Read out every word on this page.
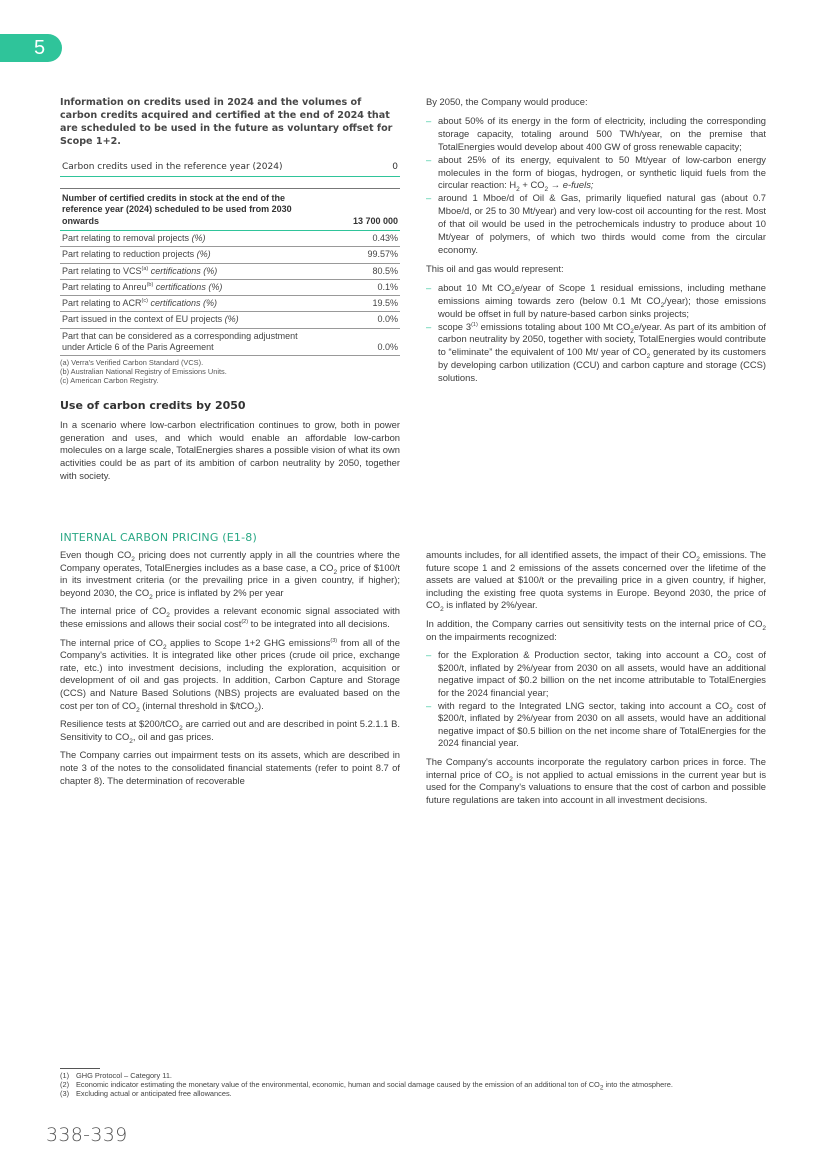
5
Information on credits used in 2024 and the volumes of carbon credits acquired and certified at the end of 2024 that are scheduled to be used in the future as voluntary offset for Scope 1+2.
Carbon credits used in the reference year (2024)	0
Number of certified credits in stock at the end of the reference year (2024) scheduled to be used from 2030 onwards	13 700 000
Part relating to removal projects (%)	0.43%
Part relating to reduction projects (%)	99.57%
Part relating to VCS$^{(a)}$ certifications (%)	80.5%
Part relating to Anreu$^{(b)}$ certifications (%)	0.1%
Part relating to ACR$^{(c)}$ certifications (%)	19.5%
Part issued in the context of EU projects (%)	0.0%
Part that can be considered as a corresponding adjustment under Article 6 of the Paris Agreement	0.0%
(a) Verra's Verified Carbon Standard (VCS).
(b) Australian National Registry of Emissions Units.
(c) American Carbon Registry.
Use of carbon credits by 2050

In a scenario where low-carbon electrification continues to grow, both in power generation and uses, and which would enable an affordable low-carbon molecules on a large scale, TotalEnergies shares a possible vision of what its own activities could be as part of its ambition of carbon neutrality by 2050, together with society.

By 2050, the Company would produce:

– about 50% of its energy in the form of electricity, including the corresponding storage capacity, totaling around 500 TWh/year, on the premise that TotalEnergies would develop about 400 GW of gross renewable capacity;
– about 25% of its energy, equivalent to 50 Mt/year of low-carbon energy molecules in the form of biogas, hydrogen, or synthetic liquid fuels from the circular reaction: $H_2 + CO_2$ → e-fuels;
– around 1 Mboe/d of Oil & Gas, primarily liquefied natural gas (about 0.7 Mboe/d, or 25 to 30 Mt/year) and very low-cost oil accounting for the rest. Most of that oil would be used in the petrochemicals industry to produce about 10 Mt/year of polymers, of which two thirds would come from the circular economy.

This oil and gas would represent:

– about 10 Mt $CO_2e$/year of Scope 1 residual emissions, including methane emissions aiming towards zero (below 0.1 Mt $CO_2/year$); those emissions would be offset in full by nature-based carbon sinks projects;
– scope 3$^{(1)}$ emissions totaling about 100 Mt $CO_2e$/year. As part of its ambition of carbon neutrality by 2050, together with society, TotalEnergies would contribute to “eliminate” the equivalent of 100 Mt/ year of $CO_2$ generated by its customers by developing carbon utilization (CCU) and carbon capture and storage (CCS) solutions.
INTERNAL CARBON PRICING (E1-8)

Even though $CO_2$ pricing does not currently apply in all the countries where the Company operates, TotalEnergies includes as a base case, a $CO_2$ price of $100/t in its investment criteria (or the prevailing price in a given country, if higher); beyond 2030, the $CO_2$ price is inflated by 2% per year

The internal price of $CO_2$ provides a relevant economic signal associated with these emissions and allows their social cost$^{(2)}$ to be integrated into all decisions.

The internal price of $CO_2$ applies to Scope 1+2 GHG emissions$^{(3)}$ from all of the Company's activities. It is integrated like other prices (crude oil price, exchange rate, etc.) into investment decisions, including the exploration, acquisition or development of oil and gas projects. In addition, Carbon Capture and Storage (CCS) and Nature Based Solutions (NBS) projects are evaluated based on the cost per ton of $CO_2$ (internal threshold in $/tCO$_2$).

Resilience tests at $200/tCO$_2$ are carried out and are described in point 5.2.1.1 B. Sensitivity to $CO_2$, oil and gas prices.

The Company carries out impairment tests on its assets, which are described in note 3 of the notes to the consolidated financial statements (refer to point 8.7 of chapter 8). The determination of recoverable

amounts includes, for all identified assets, the impact of their $CO_2$ emissions. The future scope 1 and 2 emissions of the assets concerned over the lifetime of the assets are valued at $100/t or the prevailing price in a given country, if higher, including the existing free quota systems in Europe. Beyond 2030, the price of $CO_2$ is inflated by 2%/year.

In addition, the Company carries out sensitivity tests on the internal price of $CO_2$ on the impairments recognized:

– for the Exploration & Production sector, taking into account a $CO_2$ cost of $200/t, inflated by 2%/year from 2030 on all assets, would have an additional negative impact of $0.2 billion on the net income attributable to TotalEnergies for the 2024 financial year;
– with regard to the Integrated LNG sector, taking into account a $CO_2$ cost of $200/t, inflated by 2%/year from 2030 on all assets, would have an additional negative impact of $0.5 billion on the net income share of TotalEnergies for the 2024 financial year.

The Company's accounts incorporate the regulatory carbon prices in force. The internal price of $CO_2$ is not applied to actual emissions in the current year but is used for the Company's valuations to ensure that the cost of carbon and possible future regulations are taken into account in all investment decisions.

(1) GHG Protocol – Category 11.
(2) Economic indicator estimating the monetary value of the environmental, economic, human and social damage caused by the emission of an additional ton of $CO_2$ into the atmosphere.
(3) Excluding actual or anticipated free allowances.
338-339
